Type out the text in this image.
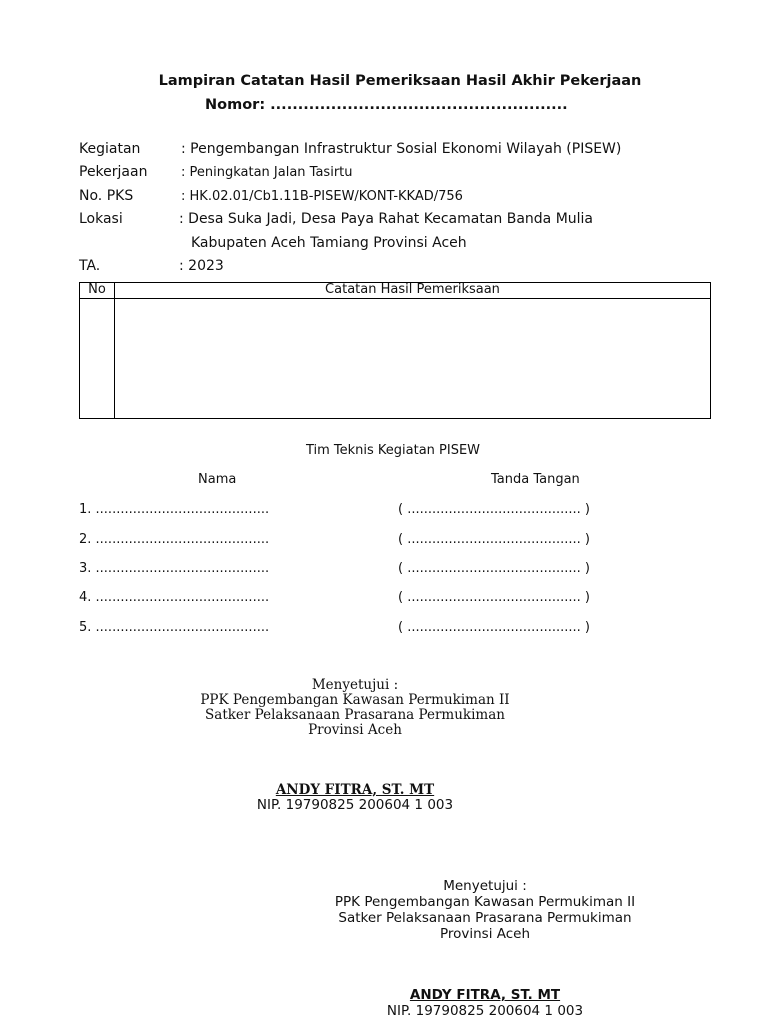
Lampiran Catatan Hasil Pemeriksaan Hasil Akhir Pekerjaan
Nomor: ......................................................
Kegiatan	: Pengembangan Infrastruktur Sosial Ekonomi Wilayah (PISEW)
Pekerjaan	: Peningkatan Jalan Tasirtu
No. PKS	: HK.02.01/Cb1.11B-PISEW/KONT-KKAD/756
Lokasi	: Desa Suka Jadi, Desa Paya Rahat Kecamatan Banda Mulia
Kabupaten Aceh Tamiang Provinsi Aceh
TA.	: 2023
No	Catatan Hasil Pemeriksaan
Tim Teknis Kegiatan PISEW
Nama	Tanda Tangan
1. ..........................................	( .......................................... )
2. ..........................................	( .......................................... )
3. ..........................................	( .......................................... )
4. ..........................................	( .......................................... )
5. ..........................................	( .......................................... )
Menyetujui :
PPK Pengembangan Kawasan Permukiman II
Satker Pelaksanaan Prasarana Permukiman
Provinsi Aceh
ANDY FITRA, ST. MT
NIP. 19790825 200604 1 003
Menyetujui :
PPK Pengembangan Kawasan Permukiman II
Satker Pelaksanaan Prasarana Permukiman
Provinsi Aceh
ANDY FITRA, ST. MT
NIP. 19790825 200604 1 003
